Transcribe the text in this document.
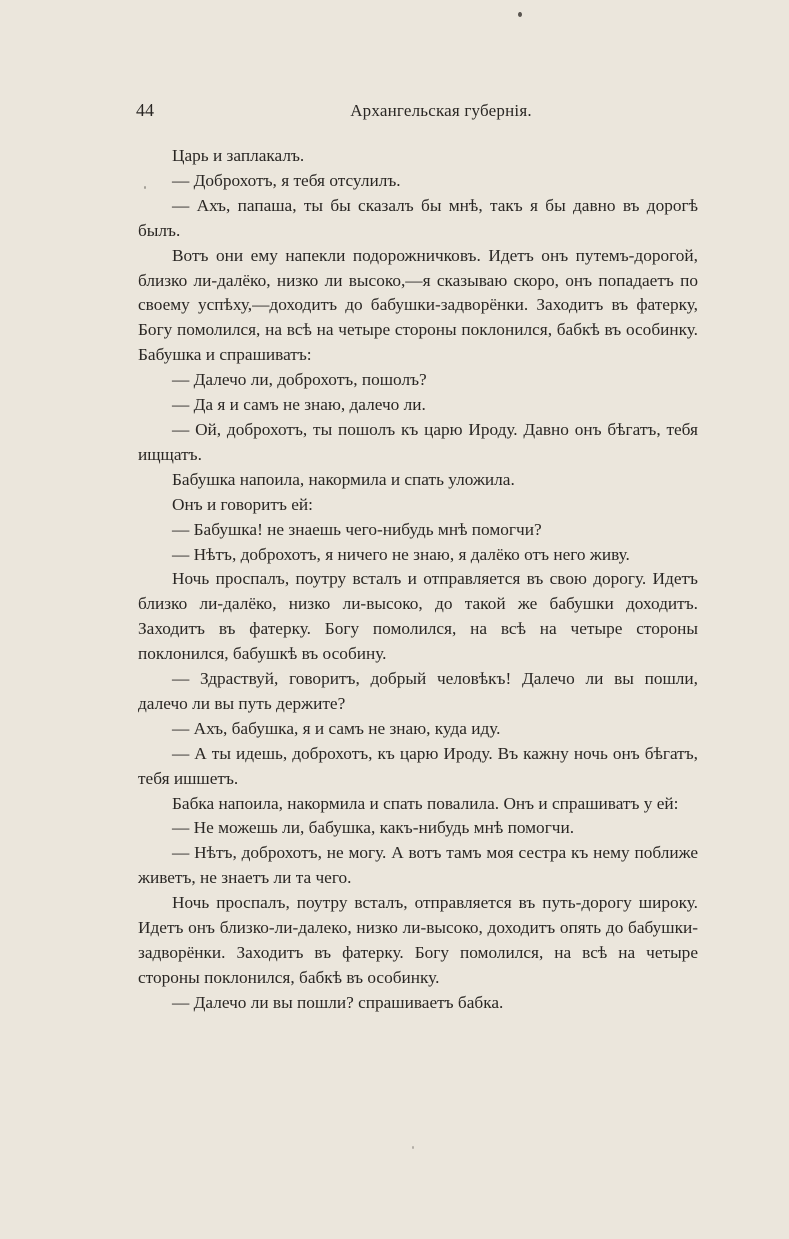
44	Архангельская губернія.

Царь и заплакалъ.

— Доброхотъ, я тебя отсулилъ.

— Ахъ, папаша, ты бы сказалъ бы мнѣ, такъ я бы давно въ дорогѣ былъ.

Вотъ они ему напекли подорожничковъ. Идетъ онъ путемъ-дорогой, близко ли-далёко, низко ли высоко,—я сказываю скоро, онъ попадаетъ по своему успѣху,—доходитъ до бабушки-задворёнки. Заходитъ въ фатерку, Богу помолился, на всѣ на четыре стороны поклонился, бабкѣ въ особинку. Бабушка и спрашиватъ:

— Далечо ли, доброхотъ, пошолъ?

— Да я и самъ не знаю, далечо ли.

— Ой, доброхотъ, ты пошолъ къ царю Ироду. Давно онъ бѣгатъ, тебя ищщатъ.

Бабушка напоила, накормила и спать уложила.

Онъ и говоритъ ей:

— Бабушка! не знаешь чего-нибудь мнѣ помогчи?

— Нѣтъ, доброхотъ, я ничего не знаю, я далёко отъ него живу.

Ночь проспалъ, поутру всталъ и отправляется въ свою дорогу. Идетъ близко ли-далёко, низко ли-высоко, до такой же бабушки доходитъ. Заходитъ въ фатерку. Богу помолился, на всѣ на четыре стороны поклонился, бабушкѣ въ особину.

— Здраствуй, говоритъ, добрый человѣкъ! Далечо ли вы пошли, далечо ли вы путь держите?

— Ахъ, бабушка, я и самъ не знаю, куда иду.

— А ты идешь, доброхотъ, къ царю Ироду. Въ кажну ночь онъ бѣгатъ, тебя ишшетъ.

Бабка напоила, накормила и спать повалила. Онъ и спрашиватъ у ей:

— Не можешь ли, бабушка, какъ-нибудь мнѣ помогчи.

— Нѣтъ, доброхотъ, не могу. А вотъ тамъ моя сестра къ нему поближе живетъ, не знаетъ ли та чего.

Ночь проспалъ, поутру всталъ, отправляется въ путь-дорогу широку. Идетъ онъ близко-ли-далеко, низко ли-высоко, доходитъ опять до бабушки-задворёнки. Заходитъ въ фатерку. Богу помолился, на всѣ на четыре стороны поклонился, бабкѣ въ особинку.

— Далечо ли вы пошли? спрашиваетъ бабка.
